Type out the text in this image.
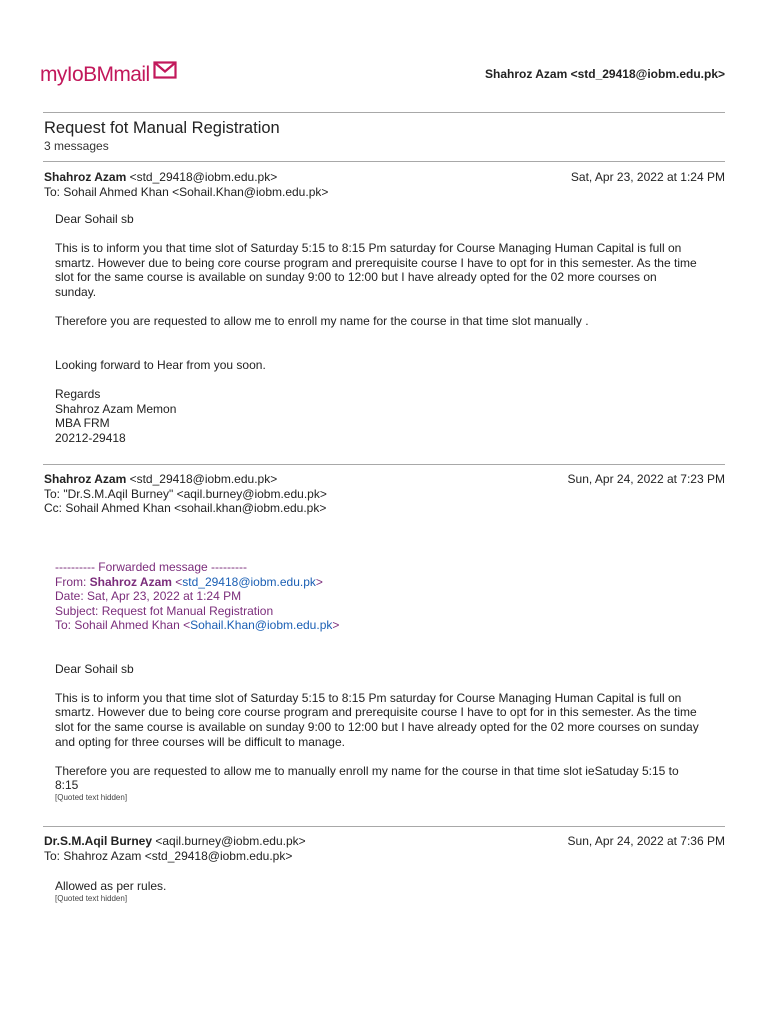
myIoBMmail	Shahroz Azam <std_29418@iobm.edu.pk>
Request fot Manual Registration
3 messages
Shahroz Azam <std_29418@iobm.edu.pk>	Sat, Apr 23, 2022 at 1:24 PM
To: Sohail Ahmed Khan <Sohail.Khan@iobm.edu.pk>

Dear Sohail sb

This is to inform you that time slot of Saturday 5:15 to 8:15 Pm saturday for Course Managing Human Capital is full on

smartz. However due to being core course program and prerequisite course I have to opt for in this semester. As the time

slot for the same course is available on sunday 9:00 to 12:00 but I have already opted for the 02 more courses on

sunday.

Therefore you are requested to allow me to enroll my name for the course in that time slot manually .

Looking forward to Hear from you soon.

Regards

Shahroz Azam Memon

MBA FRM

20212-29418

Shahroz Azam <std_29418@iobm.edu.pk>	Sun, Apr 24, 2022 at 7:23 PM
To: "Dr.S.M.Aqil Burney" <aqil.burney@iobm.edu.pk>
Cc: Sohail Ahmed Khan <sohail.khan@iobm.edu.pk>

---------- Forwarded message ---------

From: Shahroz Azam <std_29418@iobm.edu.pk>

Date: Sat, Apr 23, 2022 at 1:24 PM

Subject: Request fot Manual Registration

To: Sohail Ahmed Khan <Sohail.Khan@iobm.edu.pk>

Dear Sohail sb

This is to inform you that time slot of Saturday 5:15 to 8:15 Pm saturday for Course Managing Human Capital is full on

smartz. However due to being core course program and prerequisite course I have to opt for in this semester. As the time

slot for the same course is available on sunday 9:00 to 12:00 but I have already opted for the 02 more courses on sunday

and opting for three courses will be difficult to manage.

Therefore you are requested to allow me to manually enroll my name for the course in that time slot ieSatuday 5:15 to

8:15

[Quoted text hidden]

Dr.S.M.Aqil Burney <aqil.burney@iobm.edu.pk>	Sun, Apr 24, 2022 at 7:36 PM
To: Shahroz Azam <std_29418@iobm.edu.pk>

Allowed as per rules.

[Quoted text hidden]
